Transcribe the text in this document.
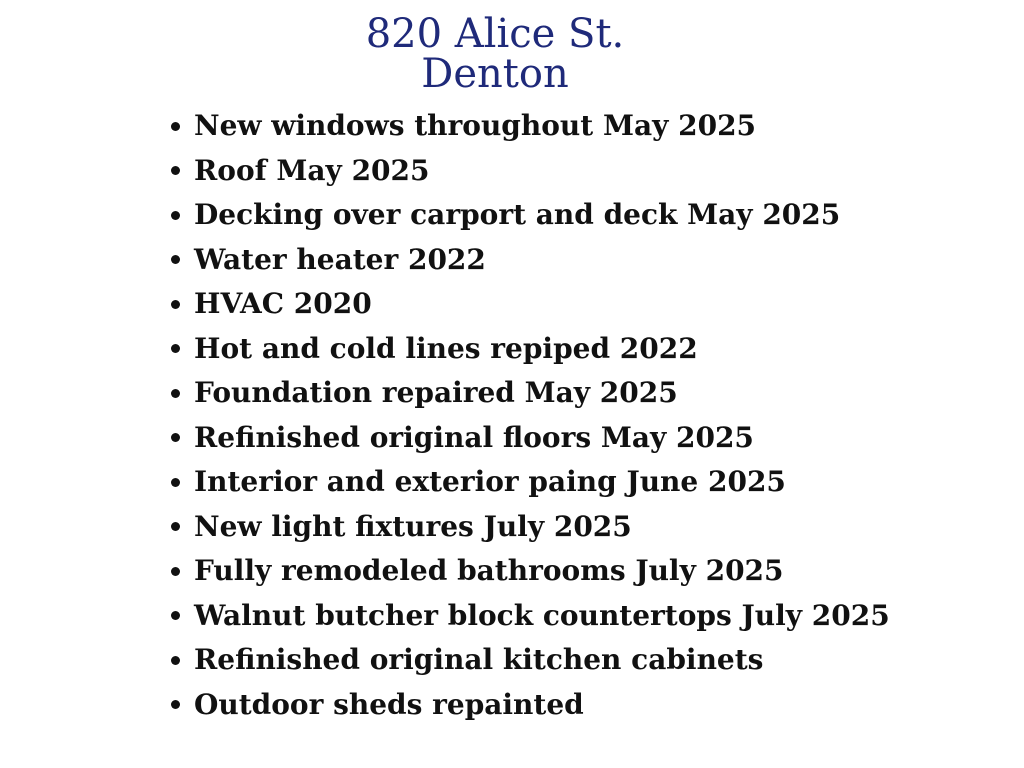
820 Alice St.
Denton
New windows throughout May 2025
Roof May 2025
Decking over carport and deck May 2025
Water heater 2022
HVAC 2020
Hot and cold lines repiped 2022
Foundation repaired May 2025
Refinished original floors May 2025
Interior and exterior paing June 2025
New light fixtures July 2025
Fully remodeled bathrooms July 2025
Walnut butcher block countertops July 2025
Refinished original kitchen cabinets
Outdoor sheds repainted
